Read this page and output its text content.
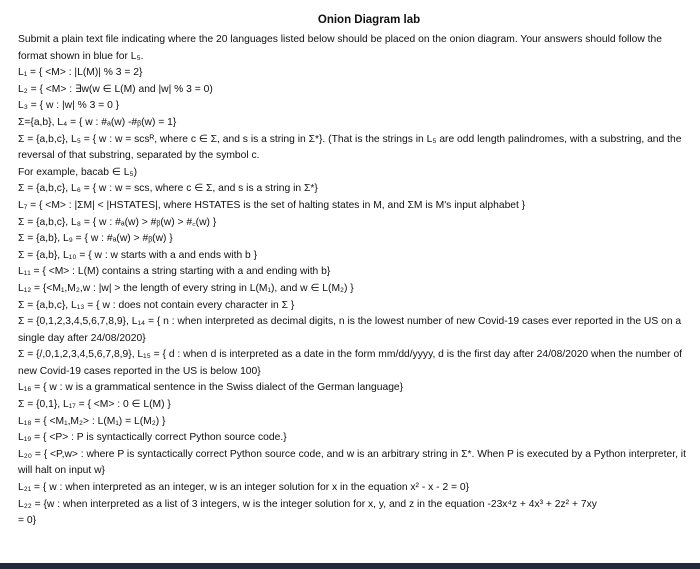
Onion Diagram lab
Submit a plain text file indicating where the 20 languages listed below should be placed on the onion diagram. Your answers should follow the format shown in blue for L₅.
L₁ = { <M> : |L(M)| % 3 = 2}
L₂ = { <M> : ∃w(w ∈ L(M) and |w| % 3 = 0)
L₃ = { w : |w| % 3 = 0 }
Σ={a,b}, L₄ = { w : #ₐ(w) -#ᵦ(w) = 1}
Σ = {a,b,c}, L₅ = { w : w = scsᴿ, where c ∈ Σ, and s is a string in Σ*}. (That is the strings in L₅ are odd length palindromes, with a substring, and the reversal of that substring, separated by the symbol c.
For example, bacab ∈ L₅)
Σ = {a,b,c}, L₆ = { w : w = scs, where c ∈ Σ, and s is a string in Σ*}
L₇ = { <M> : |ΣM| < |HSTATES|, where HSTATES is the set of halting states in M, and ΣM is M's input alphabet }
Σ = {a,b,c}, L₈ = { w : #ₐ(w) > #ᵦ(w) > #꜀(w) }
Σ = {a,b}, L₉ = { w : #ₐ(w) > #ᵦ(w) }
Σ = {a,b}, L₁₀ = { w : w starts with a and ends with b }
L₁₁ = { <M> : L(M) contains a string starting with a and ending with b}
L₁₂ = {<M₁,M₂,w : |w| > the length of every string in L(M₁), and w ∈ L(M₂) }
Σ = {a,b,c}, L₁₃ = { w : does not contain every character in Σ }
Σ = {0,1,2,3,4,5,6,7,8,9}, L₁₄ = { n : when interpreted as decimal digits, n is the lowest number of new Covid-19 cases ever reported in the US on a single day after 24/08/2020}
Σ = {/,0,1,2,3,4,5,6,7,8,9}, L₁₅ = { d : when d is interpreted as a date in the form mm/dd/yyyy, d is the first day after 24/08/2020 when the number of new Covid-19 cases reported in the US is below 100}
L₁₆ = { w : w is a grammatical sentence in the Swiss dialect of the German language}
Σ = {0,1}, L₁₇ = { <M> : 0 ∈ L(M) }
L₁₈ = { <M₁,M₂> : L(M₁) = L(M₂) }
L₁₉ = { <P> : P is syntactically correct Python source code.}
L₂₀ = { <P,w> : where P is syntactically correct Python source code, and w is an arbitrary string in Σ*. When P is executed by a Python interpreter, it will halt on input w}
L₂₁ = { w : when interpreted as an integer, w is an integer solution for x in the equation x² - x - 2 = 0}
L₂₂ = {w : when interpreted as a list of 3 integers, w is the integer solution for x, y, and z in the equation -23x⁴z + 4x³ + 2z² + 7xy
= 0}
